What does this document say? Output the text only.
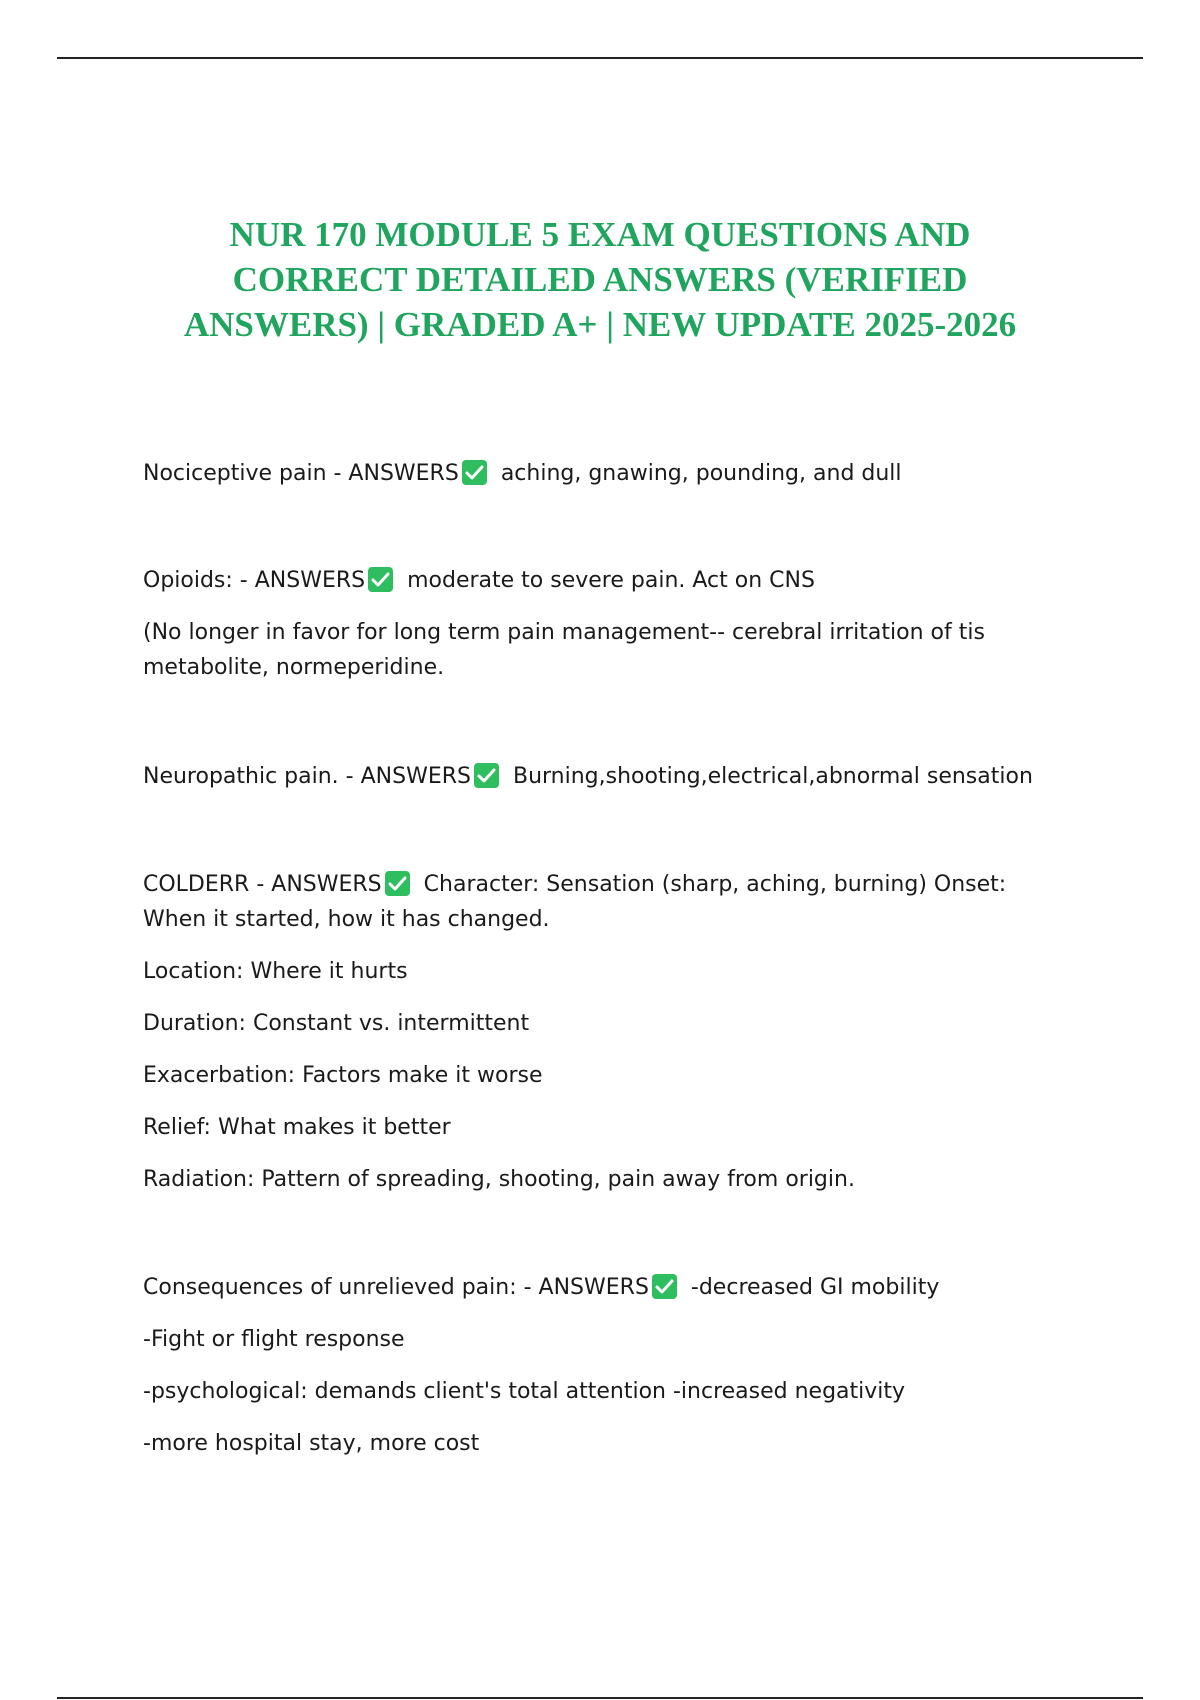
NUR 170 MODULE 5 EXAM QUESTIONS AND
CORRECT DETAILED ANSWERS (VERIFIED
ANSWERS) | GRADED A+ | NEW UPDATE 2025-2026
Nociceptive pain - ANSWERS aching, gnawing, pounding, and dull
Opioids: - ANSWERS moderate to severe pain. Act on CNS
(No longer in favor for long term pain management-- cerebral irritation of tis
metabolite, normeperidine.
Neuropathic pain. - ANSWERS Burning,shooting,electrical,abnormal sensation
COLDERR - ANSWERS Character: Sensation (sharp, aching, burning) Onset:
When it started, how it has changed.
Location: Where it hurts
Duration: Constant vs. intermittent
Exacerbation: Factors make it worse
Relief: What makes it better
Radiation: Pattern of spreading, shooting, pain away from origin.
Consequences of unrelieved pain: - ANSWERS -decreased GI mobility
-Fight or flight response
-psychological: demands client's total attention -increased negativity
-more hospital stay, more cost
